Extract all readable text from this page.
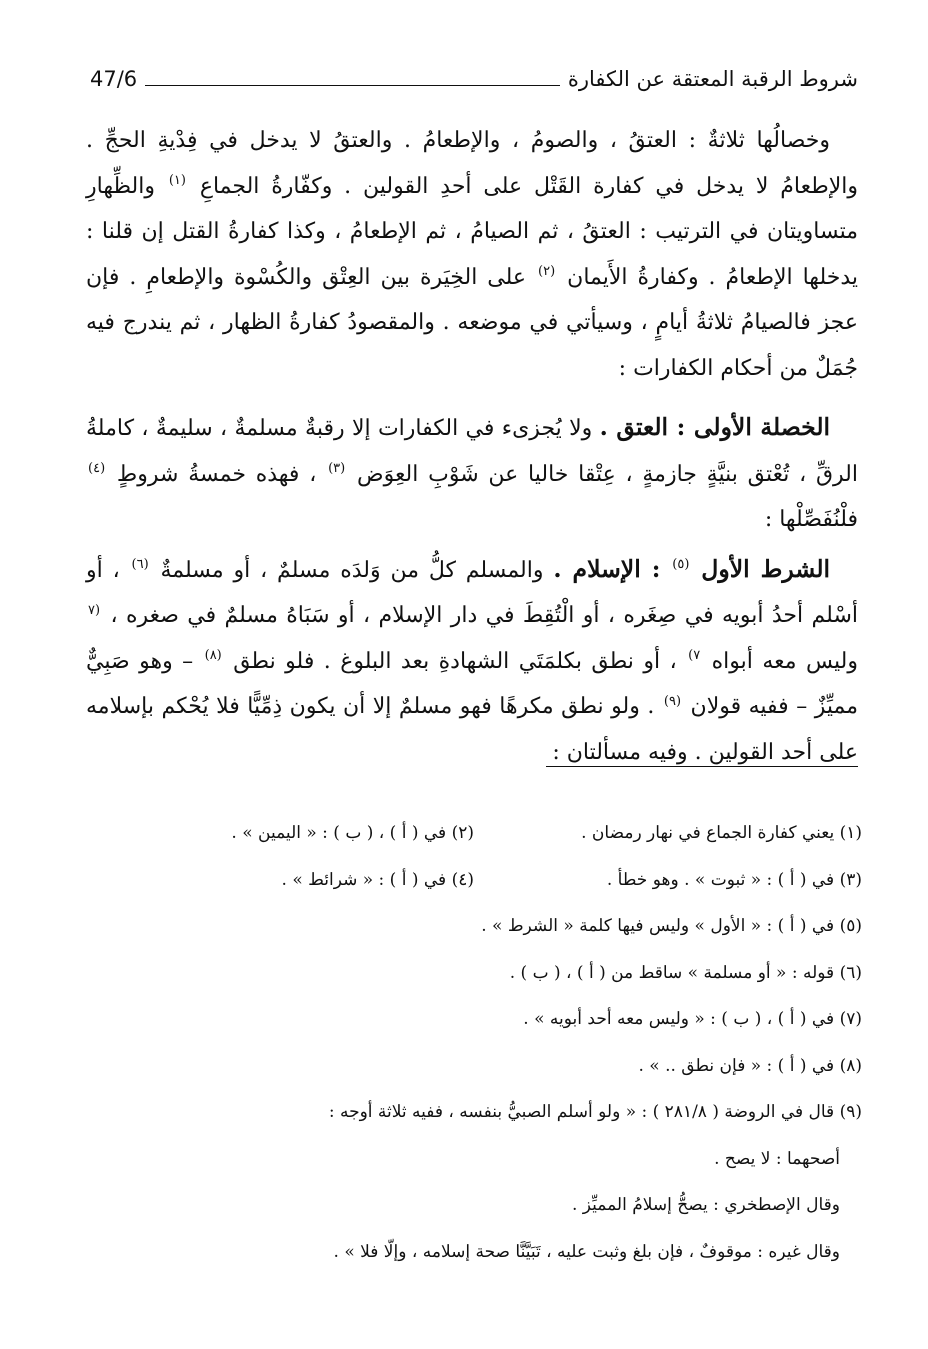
شروط الرقبة المعتقة عن الكفارة
47/6

وخصالُها ثلاثةٌ : العتقُ ، والصومُ ، والإطعامُ . والعتقُ لا يدخل في فِدْيةِ الحجِّ . والإطعامُ لا يدخل في كفارة القَتْل على أحدِ القولين . وكفّارةُ الجماعِ $^{(١)}$ والظِّهارِ متساويتان في الترتيب : العتقُ ، ثم الصيامُ ، ثم الإطعامُ ، وكذا كفارةُ القتل إن قلنا : يدخلها الإطعامُ . وكفارةُ الأَيمان $^{(٢)}$ على الخِيَرة بين العِتْق والكُسْوة والإطعامِ . فإن عجز فالصيامُ ثلاثةُ أيامٍ ، وسيأتي في موضعه . والمقصودُ كفارةُ الظهار ، ثم يندرج فيه جُمَلٌ من أحكام الكفارات :

الخصلة الأولى : العتق . ولا يُجزىء في الكفارات إلا رقبةٌ مسلمةٌ ، سليمةٌ ، كاملةُ الرقِّ ، تُعْتق بنيَّةٍ جازمةٍ ، عِتْقا خاليا عن شَوْبِ العِوَض $^{(٣)}$ ، فهذه خمسةُ شروطٍ $^{(٤)}$ فلْنُفَصِّلْها :

الشرط الأول $^{(٥)}$ : الإسلام . والمسلم كلُّ من وَلدَه مسلمٌ ، أو مسلمةٌ $^{(٦)}$ ، أو أسْلم أحدُ أبويه في صِغَره ، أو الْتُقِطَ في دار الإسلام ، أو سَبَاهُ مسلمٌ في صغره ، $^{(٧}$ وليس معه أبواه $^{٧)}$ ، أو نطق بكلمَتَي الشهادةِ بعد البلوغ . فلو نطق $^{(٨)}$ – وهو صَبِيٌّ مميِّزٌ – ففيه قولان $^{(٩)}$ . ولو نطق مكرهًا فهو مسلمٌ إلا أن يكون ذِمِّيًّا فلا يُحْكم بإسلامه على أحد القولين . وفيه مسألتان :

(١) يعني كفارة الجماع في نهار رمضان .
(٢) في ( أ ) ، ( ب ) : « اليمين » .
(٣) في ( أ ) : « ثبوت » . وهو خطأ .
(٤) في ( أ ) : « شرائط » .
(٥) في ( أ ) : « الأول » وليس فيها كلمة « الشرط » .
(٦) قوله : « أو مسلمة » ساقط من ( أ ) ، ( ب ) .
(٧) في ( أ ) ، ( ب ) : « وليس معه أحد أبويه » .
(٨) في ( أ ) : « فإن نطق .. » .
(٩) قال في الروضة ( ٢٨١/٨ ) : « ولو أسلم الصبيُّ بنفسه ، ففيه ثلاثة أوجه :
أصحهما : لا يصح .
وقال الإصطخري : يصحُّ إسلامُ المميِّز .
وقال غيره : موقوفٌ ، فإن بلغ وثبت عليه ، تَبَيَّنَّا صحة إسلامه ، وإلّا فلا » .
